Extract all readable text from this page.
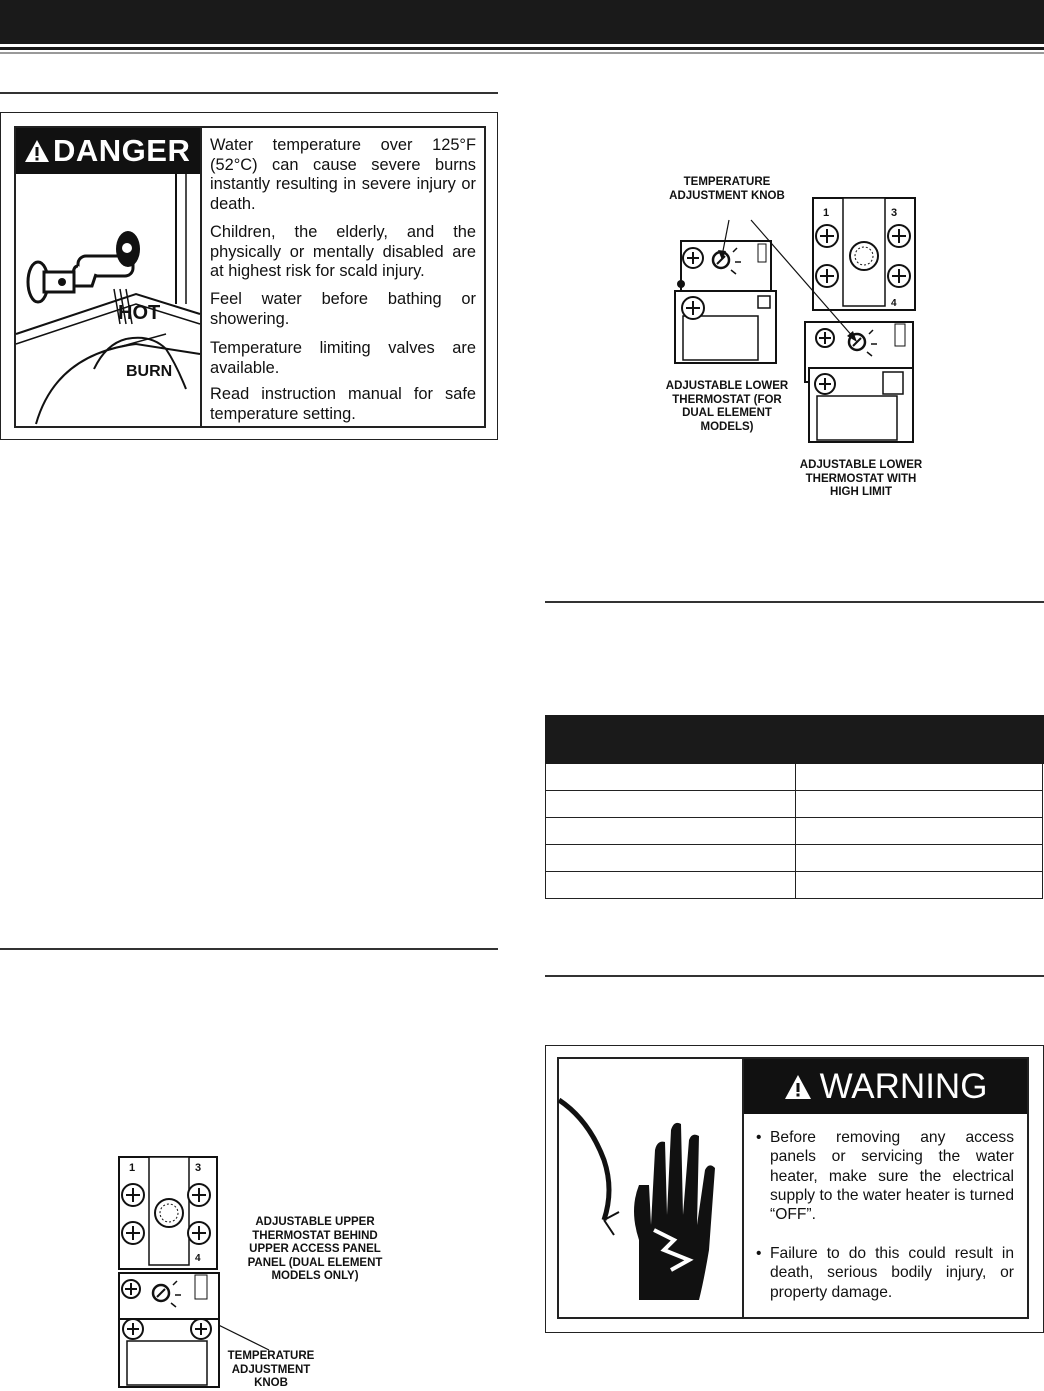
DANGER
HOT
BURN

Water temperature over 125°F (52°C) can cause severe burns instantly resulting in severe injury or death.

Children, the elderly, and the physically or mentally disabled are at highest risk for scald injury.

Feel water before bathing or showering.

Temperature limiting valves are available.

Read instruction manual for safe temperature setting.

TEMPERATURE ADJUSTMENT KNOB
1	3
4
ADJUSTABLE LOWER THERMOSTAT (FOR DUAL ELEMENT MODELS)
ADJUSTABLE LOWER THERMOSTAT WITH HIGH LIMIT
1	3
4
ADJUSTABLE UPPER THERMOSTAT BEHIND UPPER ACCESS PANEL PANEL (DUAL ELEMENT MODELS ONLY)
TEMPERATURE ADJUSTMENT KNOB
WARNING
• Before removing any access panels or servicing the water heater, make sure the electrical supply to the water heater is turned “OFF”.
• Failure to do this could result in death, serious bodily injury, or property damage.
